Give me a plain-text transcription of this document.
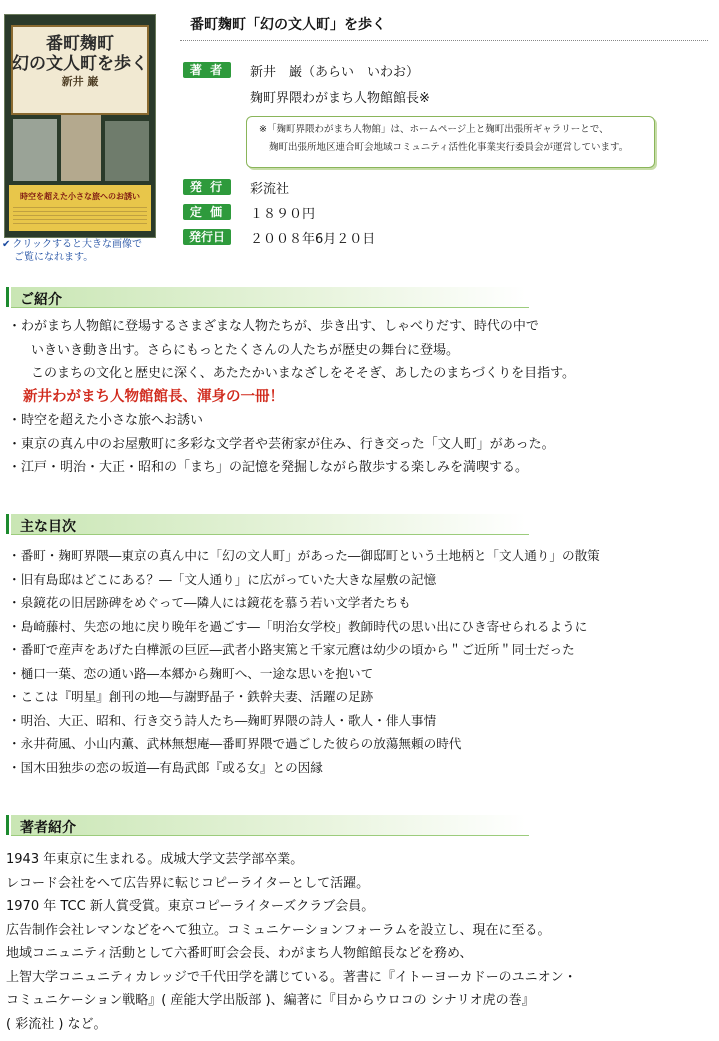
番町麹町
幻の文人町を歩く
新井 巌
時空を超えた小さな旅へのお誘い
✔ クリックすると大きな画像で
ご覧になれます。
番町麹町「幻の文人町」を歩く
著 者	新井　巌（あらい　いわお）
麹町界隈わがまち人物館館長※
※「麹町界隈わがまち人物館」は、ホームページ上と麹町出張所ギャラリーとで、
麹町出張所地区連合町会地域コミュニティ活性化事業実行委員会が運営しています。
発 行	彩流社
定 価	１８９０円
発行日	２００８年6月２０日
ご紹介
・わがまち人物館に登場するさまざまな人物たちが、歩き出す、しゃべりだす、時代の中で
いきいき動き出す。さらにもっとたくさんの人たちが歴史の舞台に登場。
このまちの文化と歴史に深く、あたたかいまなざしをそそぎ、あしたのまちづくりを目指す。
新井わがまち人物館館長、渾身の一冊！
・時空を超えた小さな旅へお誘い
・東京の真ん中のお屋敷町に多彩な文学者や芸術家が住み、行き交った「文人町」があった。
・江戸・明治・大正・昭和の「まち」の記憶を発掘しながら散歩する楽しみを満喫する。
主な目次
・番町・麹町界隈―東京の真ん中に「幻の文人町」があった―御邸町という土地柄と「文人通り」の散策
・旧有島邸はどこにある？―「文人通り」に広がっていた大きな屋敷の記憶
・泉鏡花の旧居跡碑をめぐって―隣人には鏡花を慕う若い文学者たちも
・島崎藤村、失恋の地に戻り晩年を過ごす―「明治女学校」教師時代の思い出にひき寄せられるように
・番町で産声をあげた白樺派の巨匠―武者小路実篤と千家元麿は幼少の頃から＂ご近所＂同士だった
・樋口一葉、恋の通い路―本郷から麹町へ、一途な思いを抱いて
・ここは『明星』創刊の地―与謝野晶子・鉄幹夫妻、活躍の足跡
・明治、大正、昭和、行き交う詩人たち―麹町界隈の詩人・歌人・俳人事情
・永井荷風、小山内薫、武林無想庵―番町界隈で過ごした彼らの放蕩無頼の時代
・国木田独歩の恋の坂道―有島武郎『或る女』との因縁
著者紹介
1943 年東京に生まれる。成城大学文芸学部卒業。
レコード会社をへて広告界に転じコピーライターとして活躍。
1970 年 TCC 新人賞受賞。東京コピーライターズクラブ会員。
広告制作会社レマンなどをへて独立。コミュニケーションフォーラムを設立し、現在に至る。
地域コニュニティ活動として六番町町会会長、わがまち人物館館長などを務め、
上智大学コニュニティカレッジで千代田学を講じている。著書に『イトーヨーカドーのユニオン・
コミュニケーション戦略』( 産能大学出版部 )、編著に『目からウロコの シナリオ虎の巻』
( 彩流社 ) など。
